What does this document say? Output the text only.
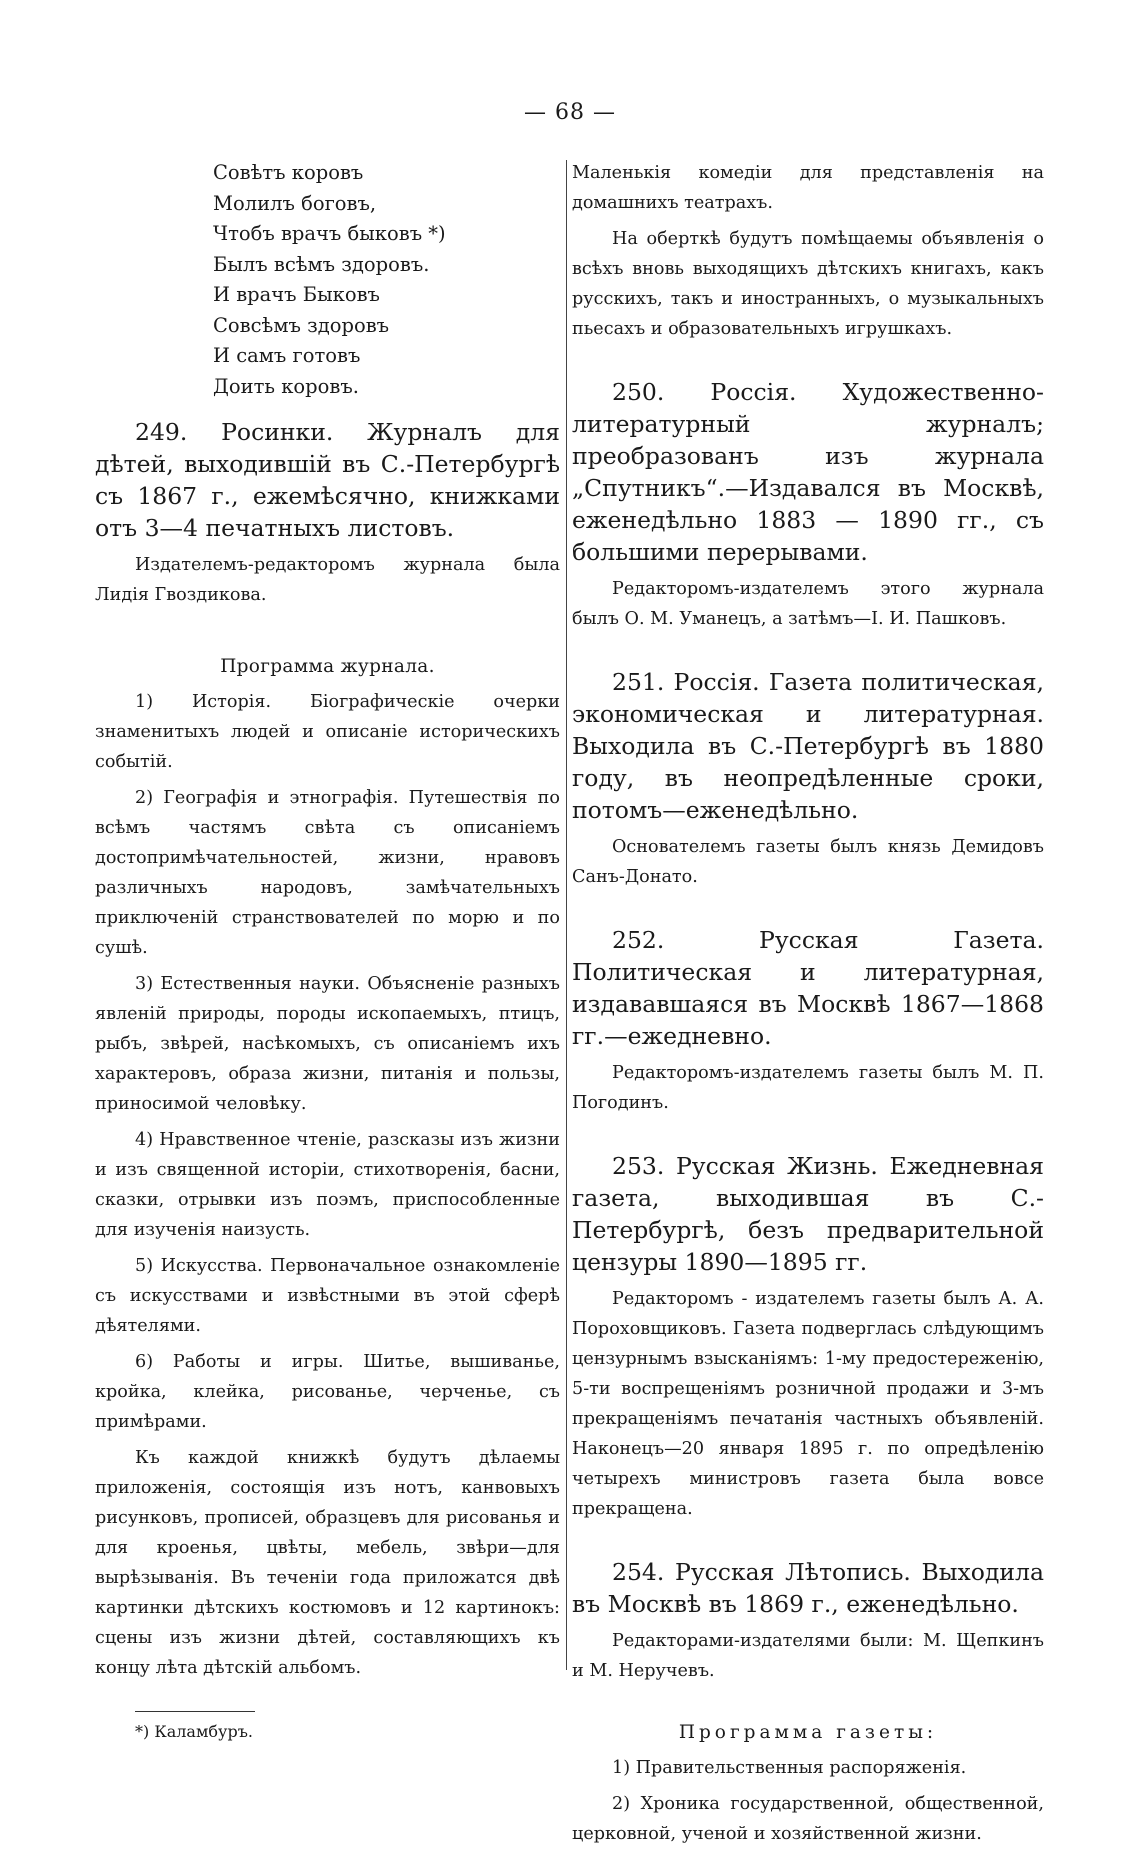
— 68 —
Совѣтъ коровъ
Молилъ боговъ,
Чтобъ врачъ быковъ *)
Былъ всѣмъ здоровъ.
И врачъ Быковъ
Совсѣмъ здоровъ
И самъ готовъ
Доить коровъ.

249. Росинки. Журналъ для дѣтей, выходившій въ С.-Петербургѣ съ 1867 г., ежемѣсячно, книжками отъ 3—4 печатныхъ листовъ.

Издателемъ-редакторомъ журнала была Лидія Гвоздикова.

Программа журнала.

1) Исторія. Біографическіе очерки знаменитыхъ людей и описаніе историческихъ событій.

2) Географія и этнографія. Путешествія по всѣмъ частямъ свѣта съ описаніемъ достопримѣчательностей, жизни, нравовъ различныхъ народовъ, замѣчательныхъ приключеній странствователей по морю и по сушѣ.

3) Естественныя науки. Объясненіе разныхъ явленій природы, породы ископаемыхъ, птицъ, рыбъ, звѣрей, насѣкомыхъ, съ описаніемъ ихъ характеровъ, образа жизни, питанія и пользы, приносимой человѣку.

4) Нравственное чтеніе, разсказы изъ жизни и изъ священной исторіи, стихотворенія, басни, сказки, отрывки изъ поэмъ, приспособленные для изученія наизусть.

5) Искусства. Первоначальное ознакомленіе съ искусствами и извѣстными въ этой сферѣ дѣятелями.

6) Работы и игры. Шитье, вышиванье, кройка, клейка, рисованье, черченье, съ примѣрами.

Къ каждой книжкѣ будутъ дѣлаемы приложенія, состоящія изъ нотъ, канвовыхъ рисунковъ, прописей, образцевъ для рисованья и для кроенья, цвѣты, мебель, звѣри—для вырѣзыванія. Въ теченіи года приложатся двѣ картинки дѣтскихъ костюмовъ и 12 картинокъ: сцены изъ жизни дѣтей, составляющихъ къ концу лѣта дѣтскій альбомъ.

*) Каламбуръ.

Маленькія комедіи для представленія на домашнихъ театрахъ.

На оберткѣ будутъ помѣщаемы объявленія о всѣхъ вновь выходящихъ дѣтскихъ книгахъ, какъ русскихъ, такъ и иностранныхъ, о музыкальныхъ пьесахъ и образовательныхъ игрушкахъ.

250. Россія. Художественно-литературный журналъ; преобразованъ изъ журнала „Спутникъ“.—Издавался въ Москвѣ, еженедѣльно 1883 — 1890 гг., съ большими перерывами.

Редакторомъ-издателемъ этого журнала былъ О. М. Уманецъ, а затѣмъ—I. И. Пашковъ.

251. Россія. Газета политическая, экономическая и литературная. Выходила въ С.-Петербургѣ въ 1880 году, въ неопредѣленные сроки, потомъ—еженедѣльно.

Основателемъ газеты былъ князь Демидовъ Санъ-Донато.

252. Русская Газета. Политическая и литературная, издававшаяся въ Москвѣ 1867—1868 гг.—ежедневно.

Редакторомъ-издателемъ газеты былъ М. П. Погодинъ.

253. Русская Жизнь. Ежедневная газета, выходившая въ С.-Петербургѣ, безъ предварительной цензуры 1890—1895 гг.

Редакторомъ - издателемъ газеты былъ А. А. Пороховщиковъ. Газета подверглась слѣдующимъ цензурнымъ взысканіямъ: 1-му предостереженію, 5-ти воспрещеніямъ розничной продажи и 3-мъ прекращеніямъ печатанія частныхъ объявленій. Наконецъ—20 января 1895 г. по опредѣленію четырехъ министровъ газета была вовсе прекращена.

254. Русская Лѣтопись. Выходила въ Москвѣ въ 1869 г., еженедѣльно.

Редакторами-издателями были: М. Щепкинъ и М. Неручевъ.

Программа газеты:

1) Правительственныя распоряженія.

2) Хроника государственной, общественной, церковной, ученой и хозяйственной жизни.
